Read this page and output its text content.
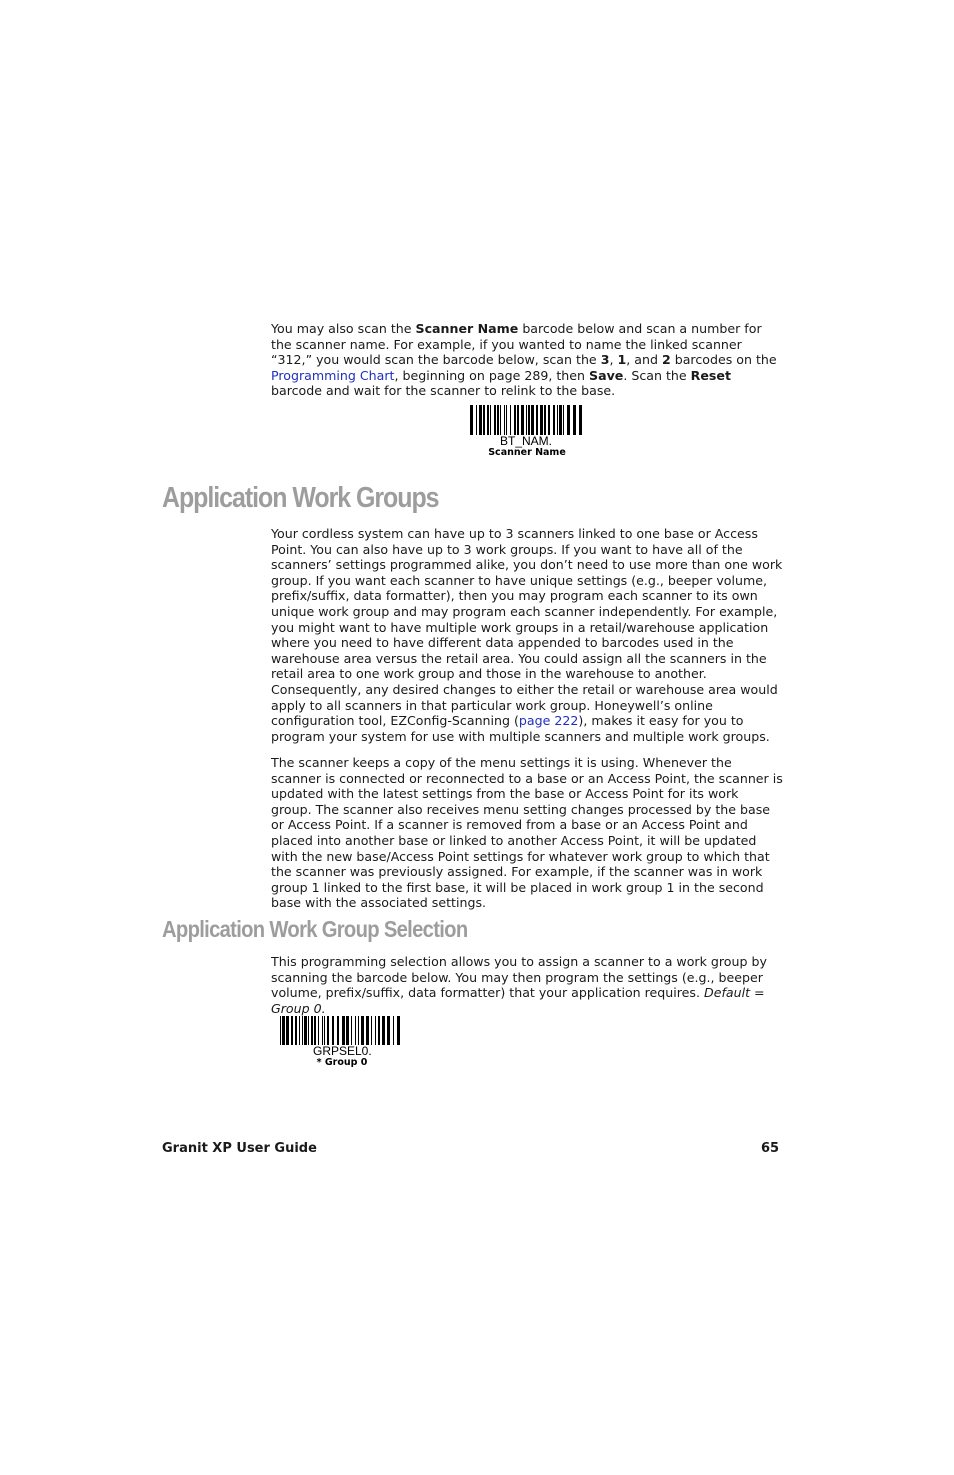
You may also scan the Scanner Name barcode below and scan a number for the scanner name. For example, if you wanted to name the linked scanner “312,” you would scan the barcode below, scan the 3, 1, and 2 barcodes on the Programming Chart, beginning on page 289, then Save. Scan the Reset barcode and wait for the scanner to relink to the base.

BT_NAM.
Scanner Name
Application Work Groups

Your cordless system can have up to 3 scanners linked to one base or Access Point. You can also have up to 3 work groups. If you want to have all of the scanners’ settings programmed alike, you don’t need to use more than one work group. If you want each scanner to have unique settings (e.g., beeper volume, prefix/suffix, data formatter), then you may program each scanner to its own unique work group and may program each scanner independently. For example, you might want to have multiple work groups in a retail/warehouse application where you need to have different data appended to barcodes used in the warehouse area versus the retail area. You could assign all the scanners in the retail area to one work group and those in the warehouse to another. Consequently, any desired changes to either the retail or warehouse area would apply to all scanners in that particular work group. Honeywell’s online configuration tool, EZConfig-Scanning (page 222), makes it easy for you to program your system for use with multiple scanners and multiple work groups.

The scanner keeps a copy of the menu settings it is using. Whenever the scanner is connected or reconnected to a base or an Access Point, the scanner is updated with the latest settings from the base or Access Point for its work group. The scanner also receives menu setting changes processed by the base or Access Point. If a scanner is removed from a base or an Access Point and placed into another base or linked to another Access Point, it will be updated with the new base/Access Point settings for whatever work group to which that the scanner was previously assigned. For example, if the scanner was in work group 1 linked to the first base, it will be placed in work group 1 in the second base with the associated settings.

Application Work Group Selection

This programming selection allows you to assign a scanner to a work group by scanning the barcode below. You may then program the settings (e.g., beeper volume, prefix/suffix, data formatter) that your application requires. Default = Group 0.

GRPSEL0.
* Group 0

Granit XP User Guide	65
